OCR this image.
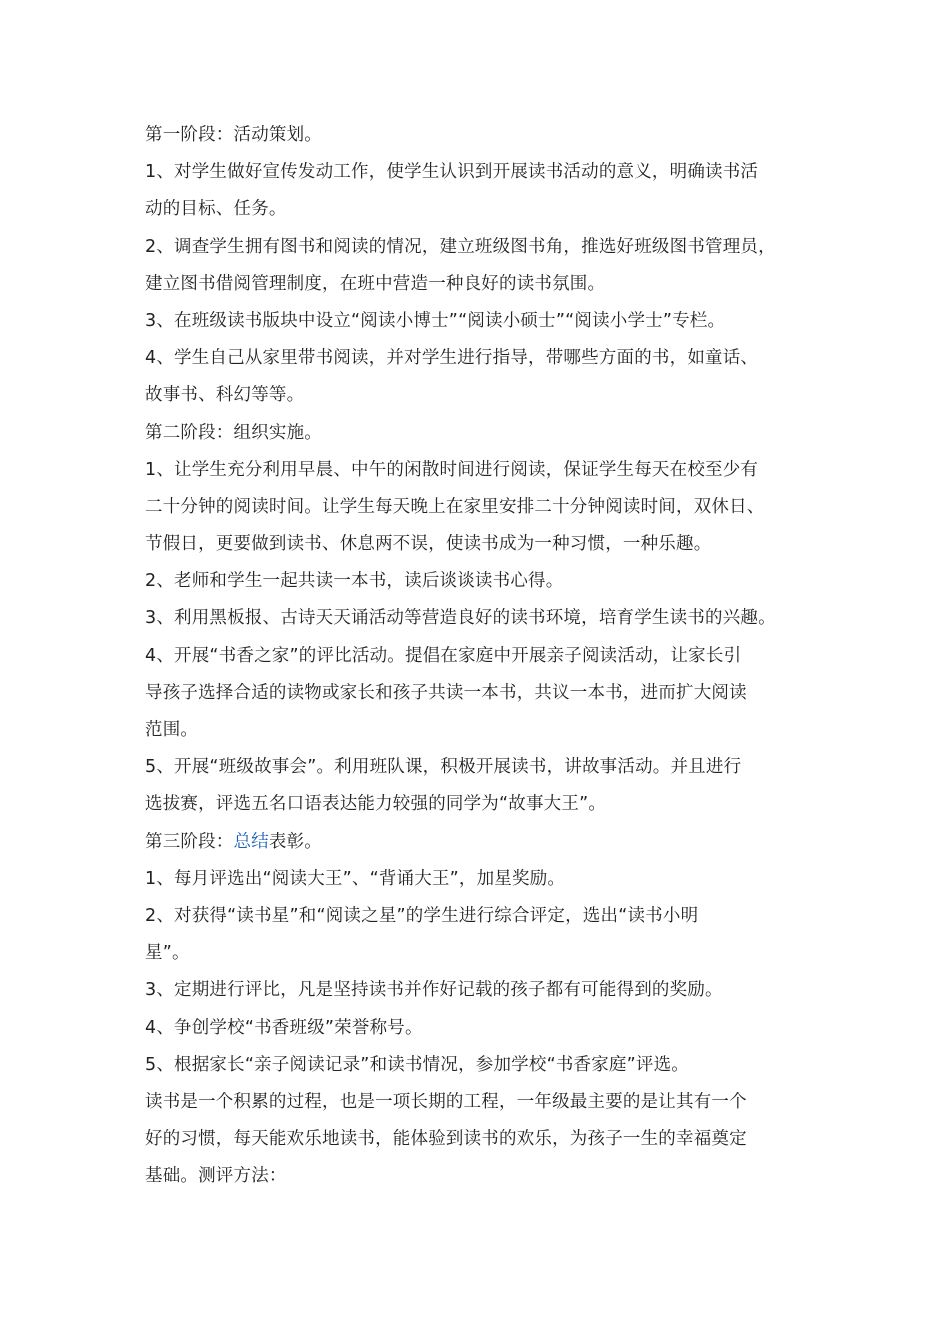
第一阶段：活动策划。
1、对学生做好宣传发动工作，使学生认识到开展读书活动的意义，明确读书活
动的目标、任务。
2、调查学生拥有图书和阅读的情况，建立班级图书角，推选好班级图书管理员，
建立图书借阅管理制度，在班中营造一种良好的读书氛围。
3、在班级读书版块中设立“阅读小博士”“阅读小硕士”“阅读小学士”专栏。
4、学生自己从家里带书阅读，并对学生进行指导，带哪些方面的书，如童话、
故事书、科幻等等。
第二阶段：组织实施。
1、让学生充分利用早晨、中午的闲散时间进行阅读，保证学生每天在校至少有
二十分钟的阅读时间。让学生每天晚上在家里安排二十分钟阅读时间，双休日、
节假日，更要做到读书、休息两不误，使读书成为一种习惯，一种乐趣。
2、老师和学生一起共读一本书，读后谈谈读书心得。
3、利用黑板报、古诗天天诵活动等营造良好的读书环境，培育学生读书的兴趣。
4、开展“书香之家”的评比活动。提倡在家庭中开展亲子阅读活动，让家长引
导孩子选择合适的读物或家长和孩子共读一本书，共议一本书，进而扩大阅读
范围。
5、开展“班级故事会”。利用班队课，积极开展读书，讲故事活动。并且进行
选拔赛，评选五名口语表达能力较强的同学为“故事大王”。
第三阶段：总结表彰。
1、每月评选出“阅读大王”、“背诵大王”，加星奖励。
2、对获得“读书星”和“阅读之星”的学生进行综合评定，选出“读书小明
星”。
3、定期进行评比，凡是坚持读书并作好记载的孩子都有可能得到的奖励。
4、争创学校“书香班级”荣誉称号。
5、根据家长“亲子阅读记录”和读书情况，参加学校“书香家庭”评选。
读书是一个积累的过程，也是一项长期的工程，一年级最主要的是让其有一个
好的习惯，每天能欢乐地读书，能体验到读书的欢乐，为孩子一生的幸福奠定
基础。测评方法：
